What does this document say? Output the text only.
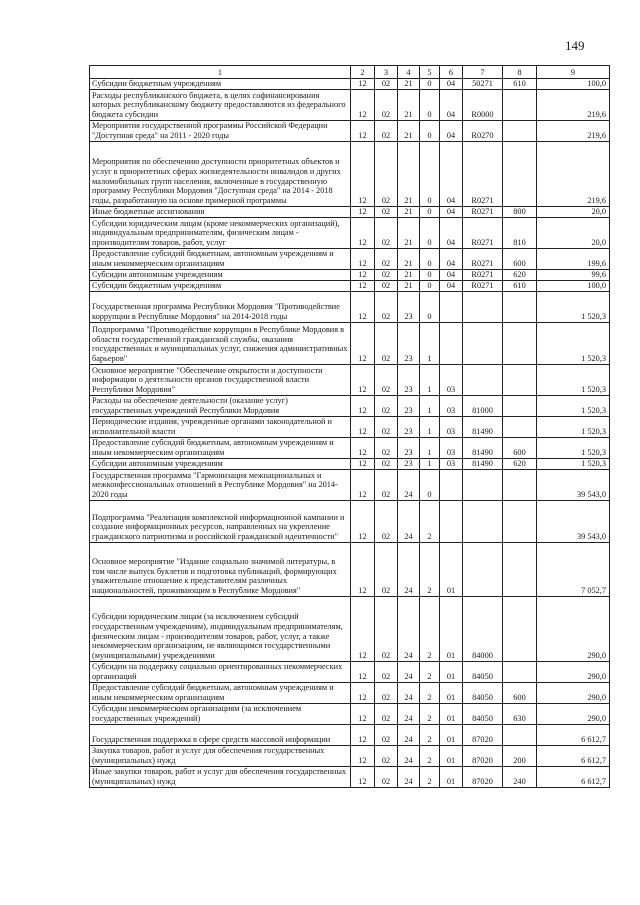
149
1	2	3	4	5	6	7	8	9
Субсидии бюджетным учреждениям	12	02	21	0	04	50271	610	100,0
Расходы республиканского бюджета, в целях софинансирования которых республиканскому бюджету предоставляются из федерального бюджета субсидии	12	02	21	0	04	R0000		219,6
Мероприятия государственной программы Российской Федерации "Доступная среда" на 2011 - 2020 годы	12	02	21	0	04	R0270		219,6
Мероприятия по обеспечению доступности приоритетных объектов и услуг в приоритетных сферах жизнедеятельности инвалидов и других маломобильных групп населения, включенные в государственную программу Республики Мордовия "Доступная среда" на 2014 - 2018 годы, разработанную на основе примерной программы	12	02	21	0	04	R0271		219,6
Иные бюджетные ассигнования	12	02	21	0	04	R0271	800	20,0
Субсидии юридическим лицам (кроме некоммерческих организаций), индивидуальным предпринимателям, физическим лицам - производителям товаров, работ, услуг	12	02	21	0	04	R0271	810	20,0
Предоставление субсидий бюджетным, автономным учреждениям и иным некоммерческим организациям	12	02	21	0	04	R0271	600	199,6
Субсидии автономным учреждениям	12	02	21	0	04	R0271	620	99,6
Субсидии бюджетным учреждениям	12	02	21	0	04	R0271	610	100,0
Государственная программа Республики Мордовия "Противодействие коррупции в Республике Мордовия" на 2014-2018 годы	12	02	23	0				1 520,3
Подпрограмма "Противодействие коррупции в Республике Мордовия в области государственной гражданской службы, оказания государственных и муниципальных услуг, снижения административных барьеров"	12	02	23	1				1 520,3
Основное мероприятие "Обеспечение открытости и доступности информации о деятельности органов государственной власти Республики Мордовия"	12	02	23	1	03			1 520,3
Расходы на обеспечение деятельности (оказание услуг) государственных учреждений Республики Мордовия	12	02	23	1	03	81000		1 520,3
Периодические издания, учрежденные органами законодательной и исполнительной власти	12	02	23	1	03	81490		1 520,3
Предоставление субсидий бюджетным, автономным учреждениям и иным некоммерческим организациям	12	02	23	1	03	81490	600	1 520,3
Субсидии автономным учреждениям	12	02	23	1	03	81490	620	1 520,3
Государственная программа "Гармонизация межнациональных и межконфессиональных отношений в Республике Мордовия" на 2014-2020 годы	12	02	24	0				39 543,0
Подпрограмма "Реализация комплексной информационной кампании и создание информационных ресурсов, направленных на укрепление гражданского патриотизма и российской гражданской идентичности"	12	02	24	2				39 543,0
Основное мероприятие "Издание социально значимой литературы, в том числе выпуск буклетов и подготовка публикаций, формирующих уважительное отношение к представителям различных национальностей, проживающим в Республике Мордовия"	12	02	24	2	01			7 052,7
Субсидии юридическим лицам (за исключением субсидий государственным учреждениям), индивидуальным предпринимателям, физическим лицам - производителям товаров, работ, услуг, а также некоммерческим организациям, не являющимся государственными (муниципальными) учреждениями	12	02	24	2	01	84000		290,0
Субсидии на поддержку социально ориентированных некоммерческих организаций	12	02	24	2	01	84050		290,0
Предоставление субсидий бюджетным, автономным учреждениям и иным некоммерческим организациям	12	02	24	2	01	84050	600	290,0
Субсидии некоммерческим организациям (за исключением государственных учреждений)	12	02	24	2	01	84050	630	290,0
Государственная поддержка в сфере средств массовой информации	12	02	24	2	01	87020		6 612,7
Закупка товаров, работ и услуг для обеспечения государственных (муниципальных) нужд	12	02	24	2	01	87020	200	6 612,7
Иные закупки товаров, работ и услуг для обеспечения государственных (муниципальных) нужд	12	02	24	2	01	87020	240	6 612,7
